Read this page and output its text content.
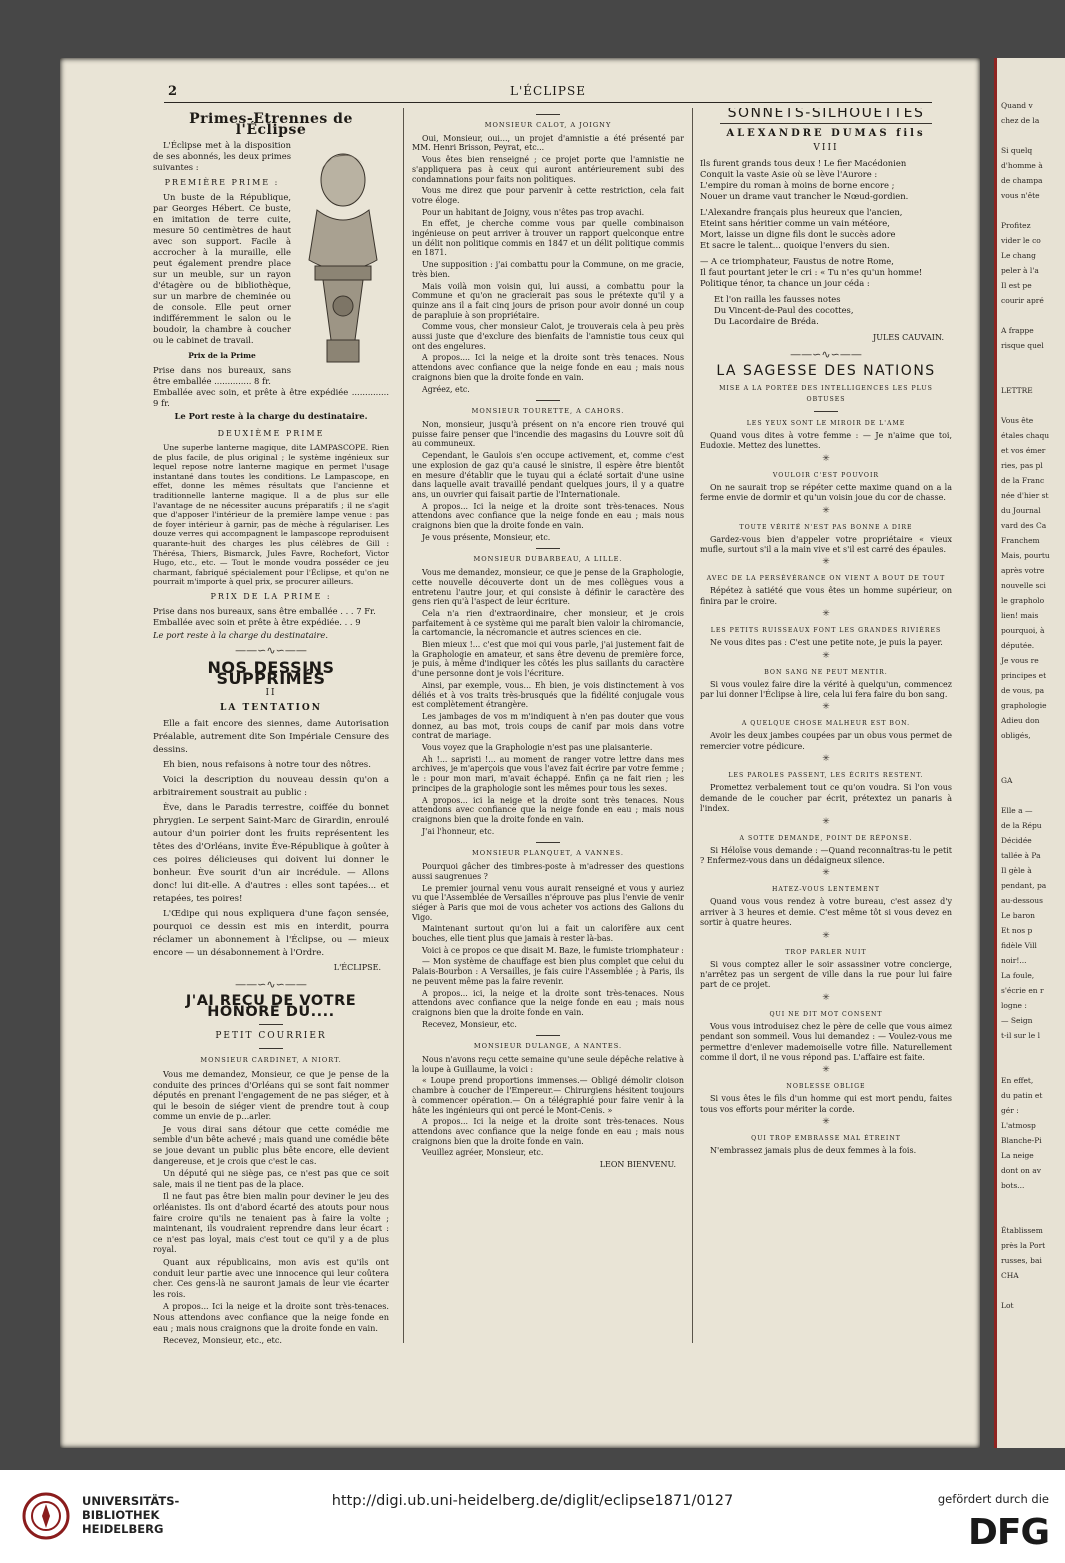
2	L'ÉCLIPSE
Primes-Etrennes de l'Éclipse

L'Éclipse met à la disposition de ses abonnés, les deux primes suivantes :

PREMIÈRE PRIME :

Un buste de la République, par Georges Hébert. Ce buste, en imitation de terre cuite, mesure 50 centimètres de haut avec son support. Facile à accrocher à la muraille, elle peut également prendre place sur un meuble, sur un rayon d'étagère ou de bibliothèque, sur un marbre de cheminée ou de console. Elle peut orner indifféremment le salon ou le boudoir, la chambre à coucher ou le cabinet de travail.

Prix de la Prime
Prise dans nos bureaux, sans être emballée .............. 8 fr.
Emballée avec soin, et prête à être expédiée .............. 9 fr.
Le Port reste à la charge du destinataire.
DEUXIÈME PRIME

Une superbe lanterne magique, dite LAMPASCOPE. Rien de plus facile, de plus original ; le système ingénieux sur lequel repose notre lanterne magique en permet l'usage instantané dans toutes les conditions. Le Lampascope, en effet, donne les mêmes résultats que l'ancienne et traditionnelle lanterne magique. Il a de plus sur elle l'avantage de ne nécessiter aucuns préparatifs ; il ne s'agit que d'apposer l'intérieur de la première lampe venue : pas de foyer intérieur à garnir, pas de mèche à régulariser. Les douze verres qui accompagnent le lampascope reproduisent quarante-huit des charges les plus célèbres de Gill : Thérésa, Thiers, Bismarck, Jules Favre, Rochefort, Victor Hugo, etc., etc. — Tout le monde voudra posséder ce jeu charmant, fabriqué spécialement pour l'Éclipse, et qu'on ne pourrait m'importe à quel prix, se procurer ailleurs.

PRIX DE LA PRIME :
Prise dans nos bureaux, sans être emballée . . . 7 Fr.
Emballée avec soin et prête à être expédiée. . . 9
Le port reste à la charge du destinataire.
——∽∿∽——
NOS DESSINS SUPPRIMÉS
II
LA TENTATION

Elle a fait encore des siennes, dame Autorisation Préalable, autrement dite Son Impériale Censure des dessins.

Eh bien, nous refaisons à notre tour des nôtres.

Voici la description du nouveau dessin qu'on a arbitrairement soustrait au public :

Ève, dans le Paradis terrestre, coiffée du bonnet phrygien. Le serpent Saint-Marc de Girardin, enroulé autour d'un poirier dont les fruits représentent les têtes des d'Orléans, invite Ève-République à goûter à ces poires délicieuses qui doivent lui donner le bonheur. Ève sourit d'un air incrédule. — Allons donc! lui dit-elle. A d'autres : elles sont tapées... et retapées, tes poires!

L'Œdipe qui nous expliquera d'une façon sensée, pourquoi ce dessin est mis en interdit, pourra réclamer un abonnement à l'Éclipse, ou — mieux encore — un désabonnement à l'Ordre.

L'ÉCLIPSE.
——∽∿∽——
J'AI REÇU DE VOTRE HONORÉ DU....
PETIT COURRIER
MONSIEUR CARDINET, A NIORT.

Vous me demandez, Monsieur, ce que je pense de la conduite des princes d'Orléans qui se sont fait nommer députés en prenant l'engagement de ne pas siéger, et à qui le besoin de siéger vient de prendre tout à coup comme un envie de p...arler.

Je vous dirai sans détour que cette comédie me semble d'un bête achevé ; mais quand une comédie bête se joue devant un public plus bête encore, elle devient dangereuse, et je crois que c'est le cas.

Un député qui ne siège pas, ce n'est pas que ce soit sale, mais il ne tient pas de la place.

Il ne faut pas être bien malin pour deviner le jeu des orléanistes. Ils ont d'abord écarté des atouts pour nous faire croire qu'ils ne tenaient pas à faire la volte ; maintenant, ils voudraient reprendre dans leur écart : ce n'est pas loyal, mais c'est tout ce qu'il y a de plus royal.

Quant aux républicains, mon avis est qu'ils ont conduit leur partie avec une innocence qui leur coûtera cher. Ces gens-là ne sauront jamais de leur vie écarter les rois.

A propos... Ici la neige et la droite sont très-tenaces. Nous attendons avec confiance que la neige fonde en eau ; mais nous craignons que la droite fonde en vain.

Recevez, Monsieur, etc., etc.

MONSIEUR CALOT, A JOIGNY

Oui, Monsieur, oui..., un projet d'amnistie a été présenté par MM. Henri Brisson, Peyrat, etc...

Vous êtes bien renseigné ; ce projet porte que l'amnistie ne s'appliquera pas à ceux qui auront antérieurement subi des condamnations pour faits non politiques.

Vous me direz que pour parvenir à cette restriction, cela fait votre éloge.

Pour un habitant de Joigny, vous n'êtes pas trop avachi.

En effet, je cherche comme vous par quelle combinaison ingénieuse on peut arriver à trouver un rapport quelconque entre un délit non politique commis en 1847 et un délit politique commis en 1871.

Une supposition : j'ai combattu pour la Commune, on me gracie, très bien.

Mais voilà mon voisin qui, lui aussi, a combattu pour la Commune et qu'on ne gracierait pas sous le prétexte qu'il y a quinze ans il a fait cinq jours de prison pour avoir donné un coup de parapluie à son propriétaire.

Comme vous, cher monsieur Calot, je trouverais cela à peu près aussi juste que d'exclure des bienfaits de l'amnistie tous ceux qui ont des engelures.

A propos.... Ici la neige et la droite sont très tenaces. Nous attendons avec confiance que la neige fonde en eau ; mais nous craignons bien que la droite fonde en vain.

Agréez, etc.

MONSIEUR TOURETTE, A CAHORS.

Non, monsieur, jusqu'à présent on n'a encore rien trouvé qui puisse faire penser que l'incendie des magasins du Louvre soit dû au communeux.

Cependant, le Gaulois s'en occupe activement, et, comme c'est une explosion de gaz qu'a causé le sinistre, il espère être bientôt en mesure d'établir que le tuyau qui a éclaté sortait d'une usine dans laquelle avait travaillé pendant quelques jours, il y a quatre ans, un ouvrier qui faisait partie de l'Internationale.

A propos... Ici la neige et la droite sont très-tenaces. Nous attendons avec confiance que la neige fonde en eau ; mais nous craignons bien que la droite fonde en vain.

Je vous présente, Monsieur, etc.

MONSIEUR DUBARBEAU, A LILLE.

Vous me demandez, monsieur, ce que je pense de la Graphologie, cette nouvelle découverte dont un de mes collègues vous a entretenu l'autre jour, et qui consiste à définir le caractère des gens rien qu'à l'aspect de leur écriture.

Cela n'a rien d'extraordinaire, cher monsieur, et je crois parfaitement à ce système qui me paraît bien valoir la chiromancie, la cartomancie, la nécromancie et autres sciences en cie.

Bien mieux !... c'est que moi qui vous parle, j'ai justement fait de la Graphologie en amateur, et sans être devenu de première force, je puis, à même d'indiquer les côtés les plus saillants du caractère d'une personne dont je vois l'écriture.

Ainsi, par exemple, vous... Eh bien, je vois distinctement à vos déliés et à vos traits très-brusqués que la fidélité conjugale vous est complètement étrangère.

Les jambages de vos m m'indiquent à n'en pas douter que vous donnez, au bas mot, trois coups de canif par mois dans votre contrat de mariage.

Vous voyez que la Graphologie n'est pas une plaisanterie.

Ah !... sapristi !... au moment de ranger votre lettre dans mes archives, je m'aperçois que vous l'avez fait écrire par votre femme ; le : pour mon mari, m'avait échappé. Enfin ça ne fait rien ; les principes de la graphologie sont les mêmes pour tous les sexes.

A propos... ici la neige et la droite sont très tenaces. Nous attendons avec confiance que la neige fonde en eau ; mais nous craignons bien que la droite fonde en vain.

J'ai l'honneur, etc.

MONSIEUR PLANQUET, A VANNES.

Pourquoi gâcher des timbres-poste à m'adresser des questions aussi saugrenues ?

Le premier journal venu vous aurait renseigné et vous y auriez vu que l'Assemblée de Versailles n'éprouve pas plus l'envie de venir siéger à Paris que moi de vous acheter vos actions des Galions du Vigo.

Maintenant surtout qu'on lui a fait un calorifère aux cent bouches, elle tient plus que jamais à rester là-bas.

Voici à ce propos ce que disait M. Baze, le fumiste triomphateur :

— Mon système de chauffage est bien plus complet que celui du Palais-Bourbon : A Versailles, je fais cuire l'Assemblée ; à Paris, ils ne peuvent même pas la faire revenir.

A propos... ici, la neige et la droite sont très-tenaces. Nous attendons avec confiance que la neige fonde en eau ; mais nous craignons bien que la droite fonde en vain.

Recevez, Monsieur, etc.

MONSIEUR DULANGE, A NANTES.

Nous n'avons reçu cette semaine qu'une seule dépêche relative à la loupe à Guillaume, la voici :

« Loupe prend proportions immenses.— Obligé démolir cloison chambre à coucher de l'Empereur.— Chirurgiens hésitent toujours à commencer opération.— On a télégraphié pour faire venir à la hâte les ingénieurs qui ont percé le Mont-Cenis. »

A propos... Ici la neige et la droite sont très-tenaces. Nous attendons avec confiance que la neige fonde en eau ; mais nous craignons bien que la droite fonde en vain.

Veuillez agréer, Monsieur, etc.

LEON BIENVENU.
SONNETS-SILHOUETTES
ALEXANDRE DUMAS fils
VIII
Ils furent grands tous deux ! Le fier Macédonien
Conquit la vaste Asie où se lève l'Aurore :
L'empire du roman à moins de borne encore ;
Nouer un drame vaut trancher le Nœud-gordien.
L'Alexandre français plus heureux que l'ancien,
Eteint sans héritier comme un vain météore,
Mort, laisse un digne fils dont le succès adore
Et sacre le talent... quoique l'envers du sien.
— A ce triomphateur, Faustus de notre Rome,
Il faut pourtant jeter le cri : « Tu n'es qu'un homme!
Politique ténor, ta chance un jour céda :
Et l'on railla les fausses notes
Du Vincent-de-Paul des cocottes,
Du Lacordaire de Bréda.
JULES CAUVAIN.
——∽∿∽——
LA SAGESSE DES NATIONS
MISE A LA PORTÉE DES INTELLIGENCES LES PLUS OBTUSES
LES YEUX SONT LE MIROIR DE L'AME

Quand vous dites à votre femme : — Je n'aime que toi, Eudoxie. Mettez des lunettes.

✳
VOULOIR C'EST POUVOIR

On ne saurait trop se répéter cette maxime quand on a la ferme envie de dormir et qu'un voisin joue du cor de chasse.

✳
TOUTE VÉRITÉ N'EST PAS BONNE A DIRE

Gardez-vous bien d'appeler votre propriétaire « vieux mufle, surtout s'il a la main vive et s'il est carré des épaules.

✳
AVEC DE LA PERSÉVÉRANCE ON VIENT A BOUT DE TOUT

Répétez à satiété que vous êtes un homme supérieur, on finira par le croire.

✳
LES PETITS RUISSEAUX FONT LES GRANDES RIVIÈRES

Ne vous dites pas : C'est une petite note, je puis la payer.

✳
BON SANG NE PEUT MENTIR.

Si vous voulez faire dire la vérité à quelqu'un, commencez par lui donner l'Éclipse à lire, cela lui fera faire du bon sang.

✳
A QUELQUE CHOSE MALHEUR EST BON.

Avoir les deux jambes coupées par un obus vous permet de remercier votre pédicure.

✳
LES PAROLES PASSENT, LES ÉCRITS RESTENT.

Promettez verbalement tout ce qu'on voudra. Si l'on vous demande de le coucher par écrit, prétextez un panaris à l'index.

✳
A SOTTE DEMANDE, POINT DE RÉPONSE.

Si Héloïse vous demande : —Quand reconnaîtras-tu le petit ? Enfermez-vous dans un dédaigneux silence.

✳
HATEZ-VOUS LENTEMENT

Quand vous vous rendez à votre bureau, c'est assez d'y arriver à 3 heures et demie. C'est même tôt si vous devez en sortir à quatre heures.

✳
TROP PARLER NUIT

Si vous comptez aller le soir assassiner votre concierge, n'arrêtez pas un sergent de ville dans la rue pour lui faire part de ce projet.

✳
QUI NE DIT MOT CONSENT

Vous vous introduisez chez le père de celle que vous aimez pendant son sommeil. Vous lui demandez : — Voulez-vous me permettre d'enlever mademoiselle votre fille. Naturellement comme il dort, il ne vous répond pas. L'affaire est faite.

✳
NOBLESSE OBLIGE

Si vous êtes le fils d'un homme qui est mort pendu, faites tous vos efforts pour mériter la corde.

✳
QUI TROP EMBRASSE MAL ÉTREINT

N'embrassez jamais plus de deux femmes à la fois.

Quand v
chez de la

Si quelq
d'homme à
de champa
vous n'ête

Profitez
vider le co
Le chang
peler à l'a
Il est pe
courir apré

A frappe
risque quel

LETTRE

Vous ête
étales chaqu
et vos émer
ries, pas pl
de la Franc
née d'hier st
du Journal
vard des Ca
Franchem
Mais, pourtu
après votre
nouvelle sci
le grapholo
lien! mais
pourquoi, à
députée.
Je vous re
principes et
de vous, pa
graphologie
Adieu don
obligés,

GA

Elle a —
de la Répu
Décidée
tallée à Pa
Il gèle à
pendant, pa
au-dessous
Le baron
Et nos p
fidèle Vill
noir!...
La foule,
s'écrie en r
logne :
— Seign
t-il sur le l

En effet,
du patin et
gér :
L'atmosp
Blanche-Pi
La neige
dont on av
bots...

Établissem
près la Port
russes, bai
CHA

Lot
UNIVERSITÄTS-
BIBLIOTHEK
HEIDELBERG
http://digi.ub.uni-heidelberg.de/diglit/eclipse1871/0127	gefördert durch die
DFG
